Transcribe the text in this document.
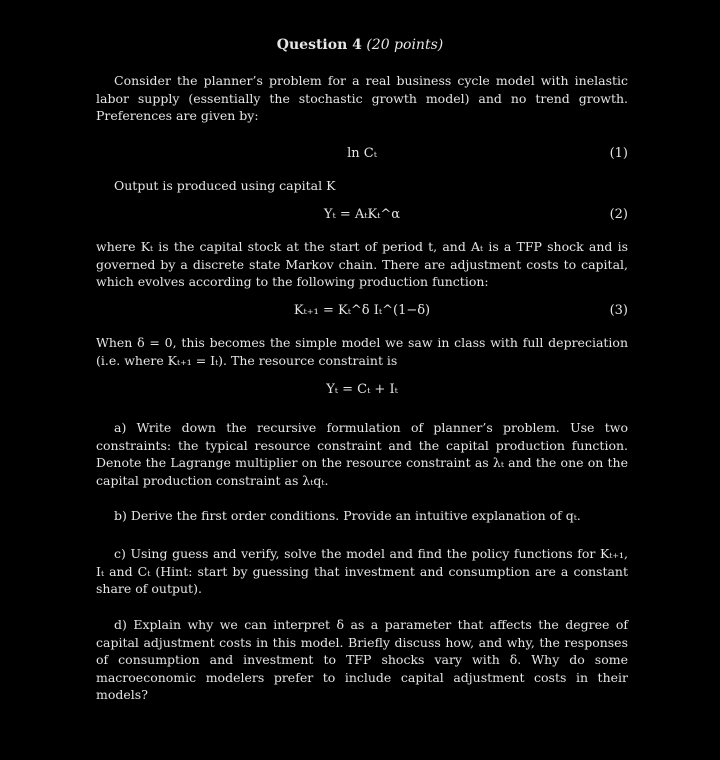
Question 4 (20 points)
Consider the planner’s problem for a real business cycle model with inelastic labor supply (essentially the stochastic growth model) and no trend growth. Preferences are given by:
ln Cₜ	(1)
Output is produced using capital K
Yₜ = AₜKₜ^α	(2)
where Kₜ is the capital stock at the start of period t, and Aₜ is a TFP shock and is governed by a discrete state Markov chain. There are adjustment costs to capital, which evolves according to the following production function:
Kₜ₊₁ = Kₜ^δ Iₜ^(1−δ)	(3)
When δ = 0, this becomes the simple model we saw in class with full depreciation (i.e. where Kₜ₊₁ = Iₜ). The resource constraint is
Yₜ = Cₜ + Iₜ
a) Write down the recursive formulation of planner’s problem. Use two constraints: the typical resource constraint and the capital production function. Denote the Lagrange multiplier on the resource constraint as λₜ and the one on the capital production constraint as λₜqₜ.
b) Derive the first order conditions. Provide an intuitive explanation of qₜ.
c) Using guess and verify, solve the model and find the policy functions for Kₜ₊₁, Iₜ and Cₜ (Hint: start by guessing that investment and consumption are a constant share of output).
d) Explain why we can interpret δ as a parameter that affects the degree of capital adjustment costs in this model. Briefly discuss how, and why, the responses of consumption and investment to TFP shocks vary with δ. Why do some macroeconomic modelers prefer to include capital adjustment costs in their models?
